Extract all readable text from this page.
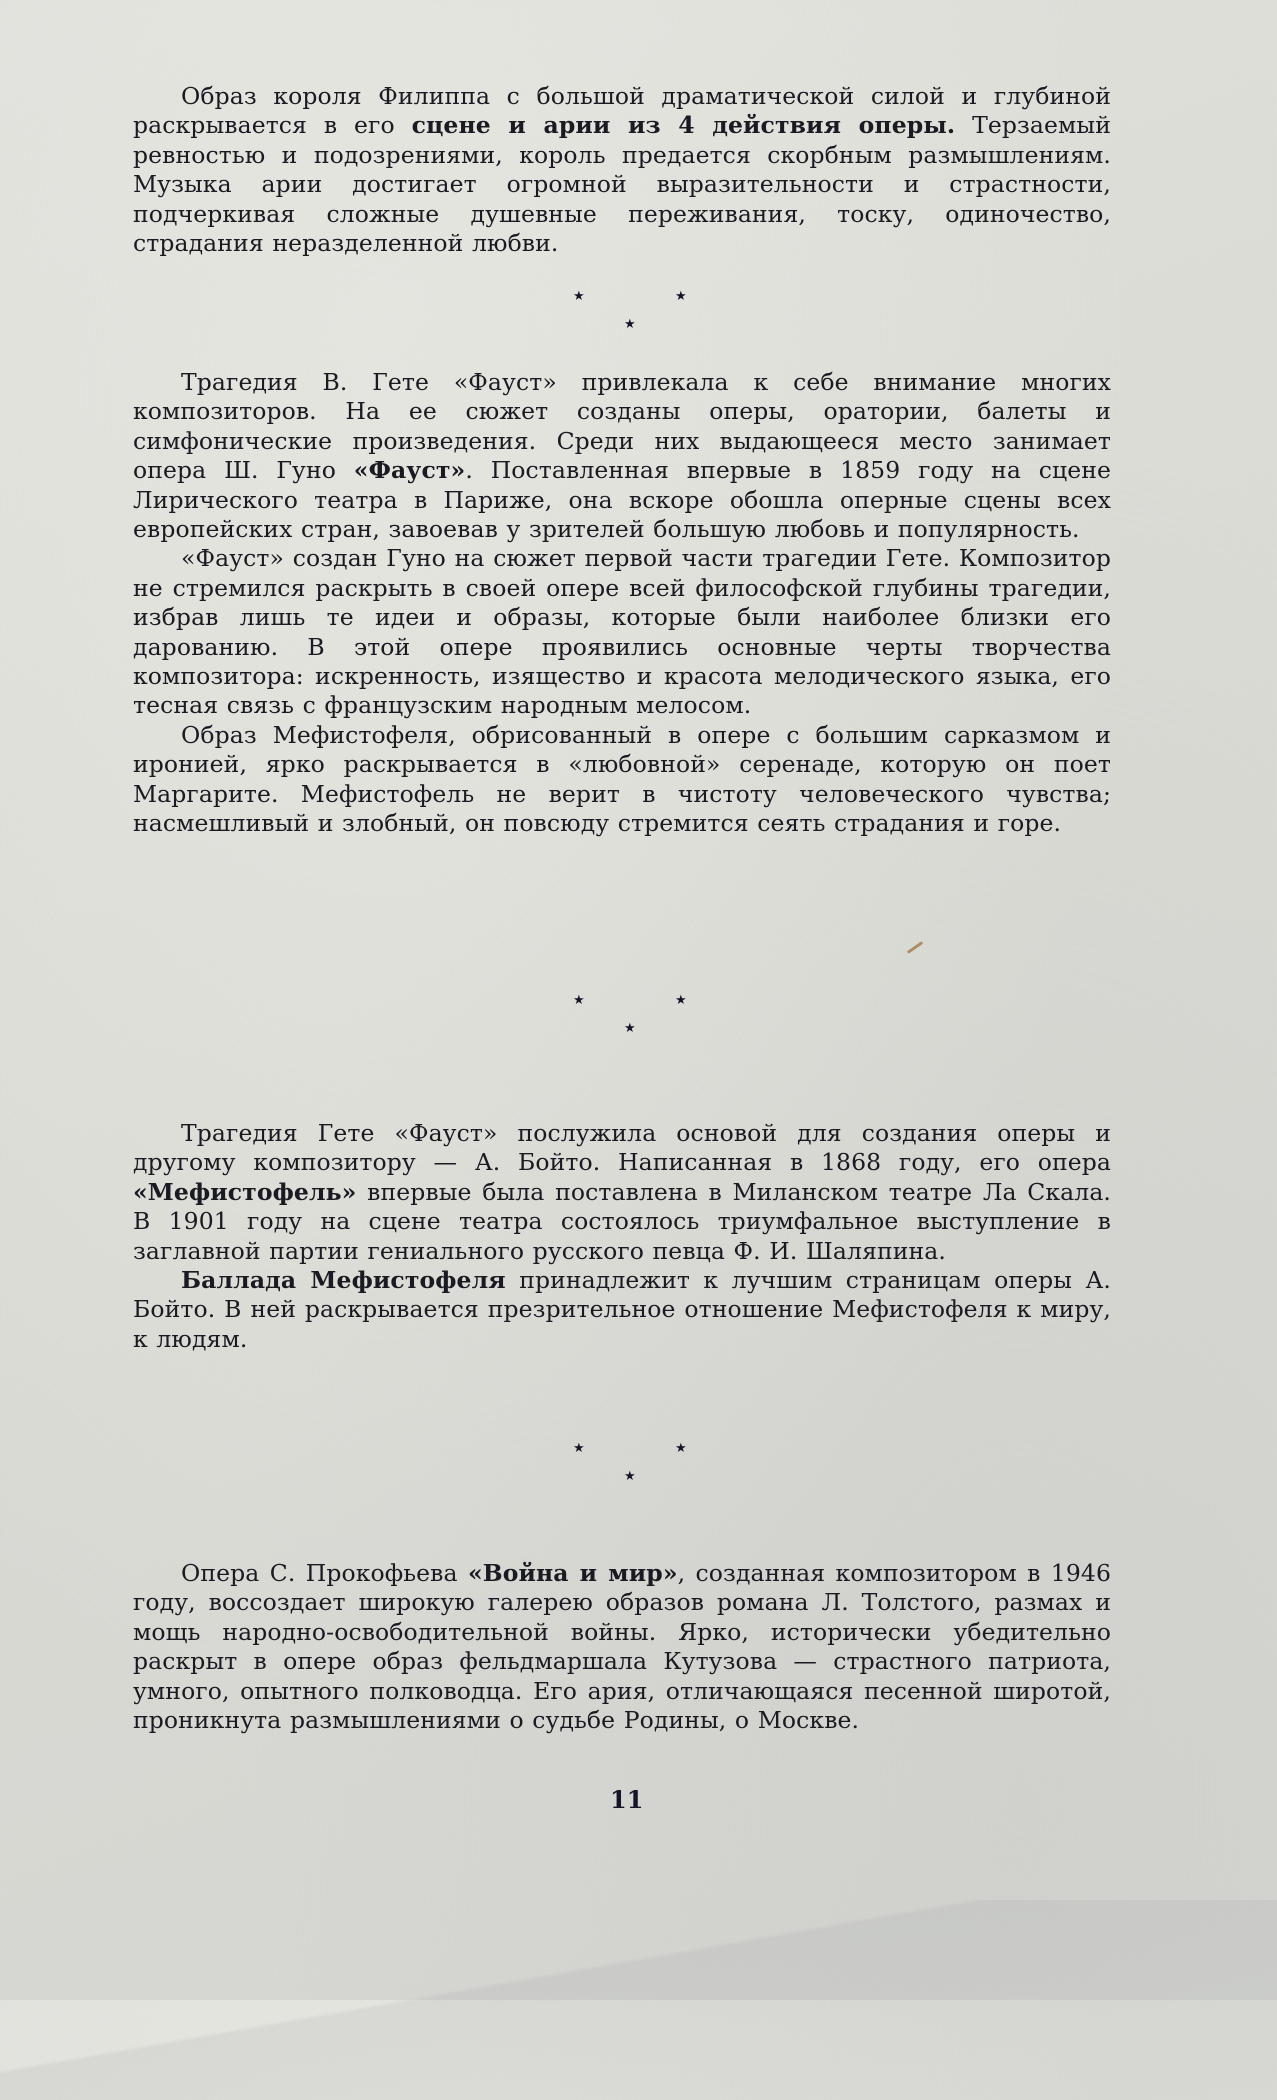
Образ короля Филиппа с большой драматической силой и глубиной раскрывается в его сцене и арии из 4 действия оперы. Терзаемый ревностью и подозрениями, король предается скорбным размышлениям. Музыка арии достигает огромной выразительности и страстности, подчеркивая сложные душевные переживания, тоску, одиночество, страдания неразделенной любви.

★	★
★

Трагедия В. Гете «Фауст» привлекала к себе внимание многих композиторов. На ее сюжет созданы оперы, оратории, балеты и симфонические произведения. Среди них выдающееся место занимает опера Ш. Гуно «Фауст». Поставленная впервые в 1859 году на сцене Лирического театра в Париже, она вскоре обошла оперные сцены всех европейских стран, завоевав у зрителей большую любовь и популярность.

«Фауст» создан Гуно на сюжет первой части трагедии Гете. Композитор не стремился раскрыть в своей опере всей философской глубины трагедии, избрав лишь те идеи и образы, которые были наиболее близки его дарованию. В этой опере проявились основные черты творчества композитора: искренность, изящество и красота мелодического языка, его тесная связь с французским народным мелосом.

Образ Мефистофеля, обрисованный в опере с большим сарказмом и иронией, ярко раскрывается в «любовной» серенаде, которую он поет Маргарите. Мефистофель не верит в чистоту человеческого чувства; насмешливый и злобный, он повсюду стремится сеять страдания и горе.

★	★
★

Трагедия Гете «Фауст» послужила основой для создания оперы и другому композитору — А. Бойто. Написанная в 1868 году, его опера «Мефистофель» впервые была поставлена в Миланском театре Ла Скала. В 1901 году на сцене театра состоялось триумфальное выступление в заглавной партии гениального русского певца Ф. И. Шаляпина.

Баллада Мефистофеля принадлежит к лучшим страницам оперы А. Бойто. В ней раскрывается презрительное отношение Мефистофеля к миру, к людям.

★	★
★

Опера С. Прокофьева «Война и мир», созданная композитором в 1946 году, воссоздает широкую галерею образов романа Л. Толстого, размах и мощь народно-освободительной войны. Ярко, исторически убедительно раскрыт в опере образ фельдмаршала Кутузова — страстного патриота, умного, опытного полководца. Его ария, отличающаяся песенной широтой, проникнута размышлениями о судьбе Родины, о Москве.

11
